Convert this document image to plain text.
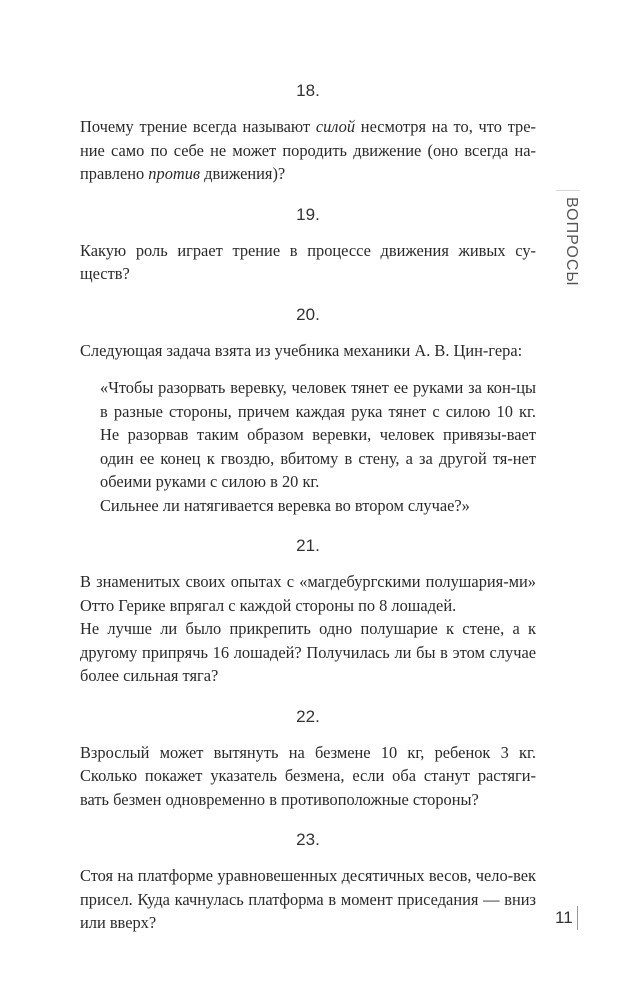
18.

Почему трение всегда называют силой несмотря на то, что тре-ние само по себе не может породить движение (оно всегда на-правлено против движения)?

19.

Какую роль играет трение в процессе движения живых су-ществ?

20.

Следующая задача взята из учебника механики А. В. Цин-гера:

«Чтобы разорвать веревку, человек тянет ее руками за кон-цы в разные стороны, причем каждая рука тянет с силою 10 кг. Не разорвав таким образом веревки, человек привязы-вает один ее конец к гвоздю, вбитому в стену, а за другой тя-нет обеими руками с силою в 20 кг.

Сильнее ли натягивается веревка во втором случае?»

21.

В знаменитых своих опытах с «магдебургскими полушария-ми» Отто Герике впрягал с каждой стороны по 8 лошадей.

Не лучше ли было прикрепить одно полушарие к стене, а к другому припрячь 16 лошадей? Получилась ли бы в этом случае более сильная тяга?

22.

Взрослый может вытянуть на безмене 10 кг, ребенок 3 кг. Сколько покажет указатель безмена, если оба станут растяги-вать безмен одновременно в противоположные стороны?

23.

Стоя на платформе уравновешенных десятичных весов, чело-век присел. Куда качнулась платформа в момент приседания — вниз или вверх?

ВОПРОСЫ
11
